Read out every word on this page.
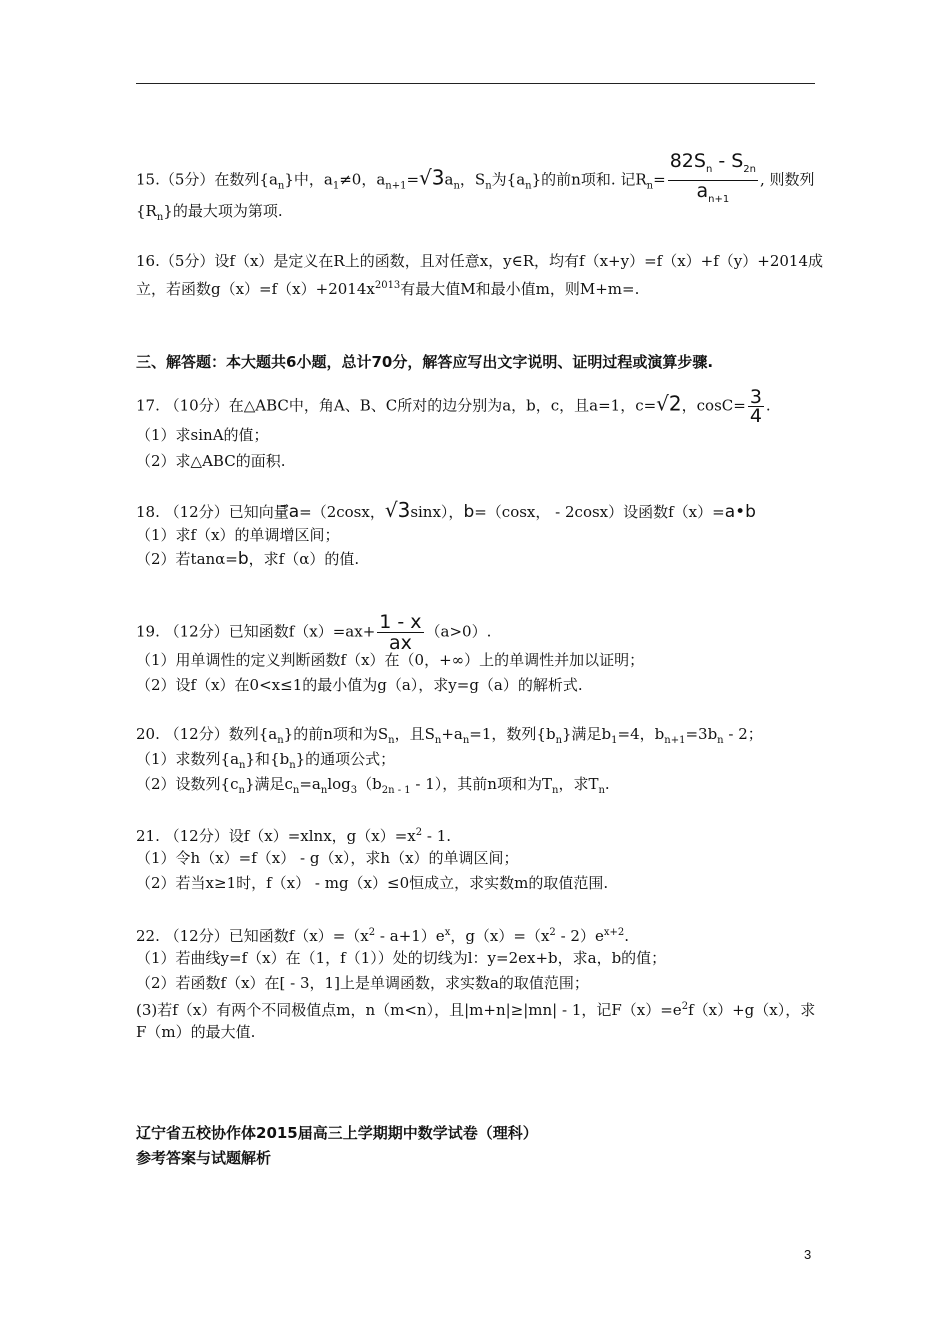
15.（5分）在数列$\{a_n\}$中，$a_1\ne 0$，$a_{n+1}=√3a_n$，$S_n$为$\{a_n\}$的前n项和. 记$R_n= \frac{82S_n - S_{2n}}{a_{n+1}}$ , 则数列
$\{R_n\}$的最大项为第项.
16.（5分）设f（x）是定义在R上的函数，且对任意x，y∈R，均有f（x+y）=f（x）+f（y）+2014成
立，若函数$g(x)=f(x)+2014x^{2013}$有最大值M和最小值m，则M+m=.
三、解答题：本大题共6小题，总计70分，解答应写出文字说明、证明过程或演算步骤.
17. （10分）在△ABC中，角A、B、C所对的边分别为a，b，c，且a=1，c=√2，$\cos C= \frac{3}{4}$ .
（1）求sinA的值；
（2）求△ABC的面积.
18. （12分）已知向量a=（2cosx，√3sinx），b=（cosx， - 2cosx）设函数f（x）=a•b
（1）求f（x）的单调增区间；
（2）若tanα=b，求f（α）的值.
19. （12分）已知函数$f(x)=ax+ \frac{1 - x}{ax} (a>0)$.
（1）用单调性的定义判断函数f（x）在（0，+∞）上的单调性并加以证明；
（2）设f（x）在0<x≤1的最小值为g（a），求y=g（a）的解析式.
20. （12分）数列$\{a_n\}$的前n项和为$S_n$，且$S_n+a_n=1$，数列$\{b_n\}$满足$b_1=4$，$b_{n+1}=3b_n - 2$；
（1）求数列$\{a_n\}$和$\{b_n\}$的通项公式；
（2）设数列$\{c_n\}$满足$c_n=a_n\log_3(b_{2n - 1} - 1)$，其前n项和为$T_n$，求$T_n$.
21. （12分）设f（x）=xlnx，$g(x)=x^2 - 1$.
（1）令h（x）=f（x） - g（x），求h（x）的单调区间；
（2）若当x≥1时，f（x） - mg（x）≤0恒成立，求实数m的取值范围.
22. （12分）已知函数$f(x)=(x^2 - a+1)e^x$，$g(x)=(x^2 - 2)e^{x+2}$.
（1）若曲线y=f（x）在（1，f（1））处的切线为l：y=2ex+b，求a，b的值；
（2）若函数f（x）在[ - 3，1]上是单调函数，求实数a的取值范围；
(3)若f（x）有两个不同极值点m，n（m<n），且|m+n|≥|mn| - 1，记$F(x)=e^2f(x)+g(x)$，求
F（m）的最大值.
辽宁省五校协作体2015届高三上学期期中数学试卷（理科）
参考答案与试题解析
3
